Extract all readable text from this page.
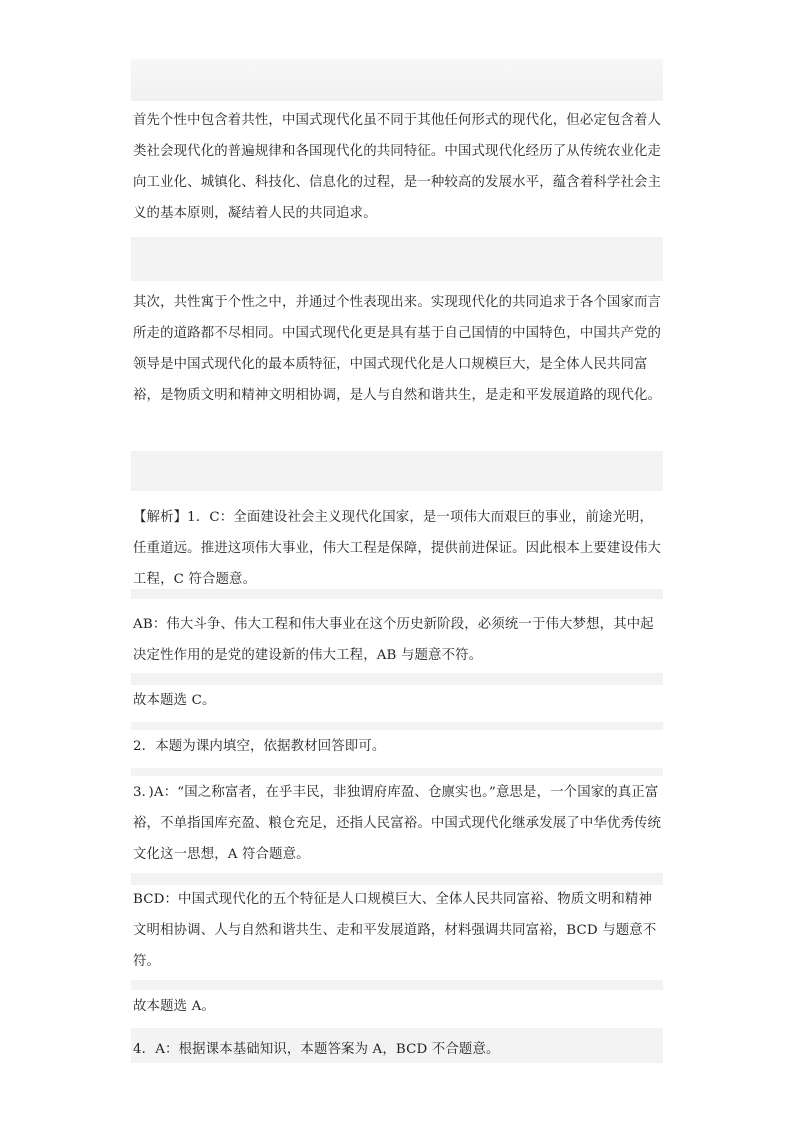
首先个性中包含着共性，中国式现代化虽不同于其他任何形式的现代化，但必定包含着人类社会现代化的普遍规律和各国现代化的共同特征。中国式现代化经历了从传统农业化走向工业化、城镇化、科技化、信息化的过程，是一种较高的发展水平，蕴含着科学社会主义的基本原则，凝结着人民的共同追求。

其次，共性寓于个性之中，并通过个性表现出来。实现现代化的共同追求于各个国家而言所走的道路都不尽相同。中国式现代化更是具有基于自己国情的中国特色，中国共产党的领导是中国式现代化的最本质特征，中国式现代化是人口规模巨大，是全体人民共同富裕，是物质文明和精神文明相协调，是人与自然和谐共生，是走和平发展道路的现代化。

【解析】1．C：全面建设社会主义现代化国家，是一项伟大而艰巨的事业，前途光明，任重道远。推进这项伟大事业，伟大工程是保障，提供前进保证。因此根本上要建设伟大工程，C 符合题意。

AB：伟大斗争、伟大工程和伟大事业在这个历史新阶段，必须统一于伟大梦想，其中起决定性作用的是党的建设新的伟大工程，AB 与题意不符。

故本题选 C。

2．本题为课内填空，依据教材回答即可。

3．)A：“国之称富者，在乎丰民，非独谓府库盈、仓廪实也。”意思是，一个国家的真正富裕，不单指国库充盈、粮仓充足，还指人民富裕。中国式现代化继承发展了中华优秀传统文化这一思想，A 符合题意。

BCD：中国式现代化的五个特征是人口规模巨大、全体人民共同富裕、物质文明和精神文明相协调、人与自然和谐共生、走和平发展道路，材料强调共同富裕，BCD 与题意不符。

故本题选 A。

4．A：根据课本基础知识，本题答案为 A，BCD 不合题意。
